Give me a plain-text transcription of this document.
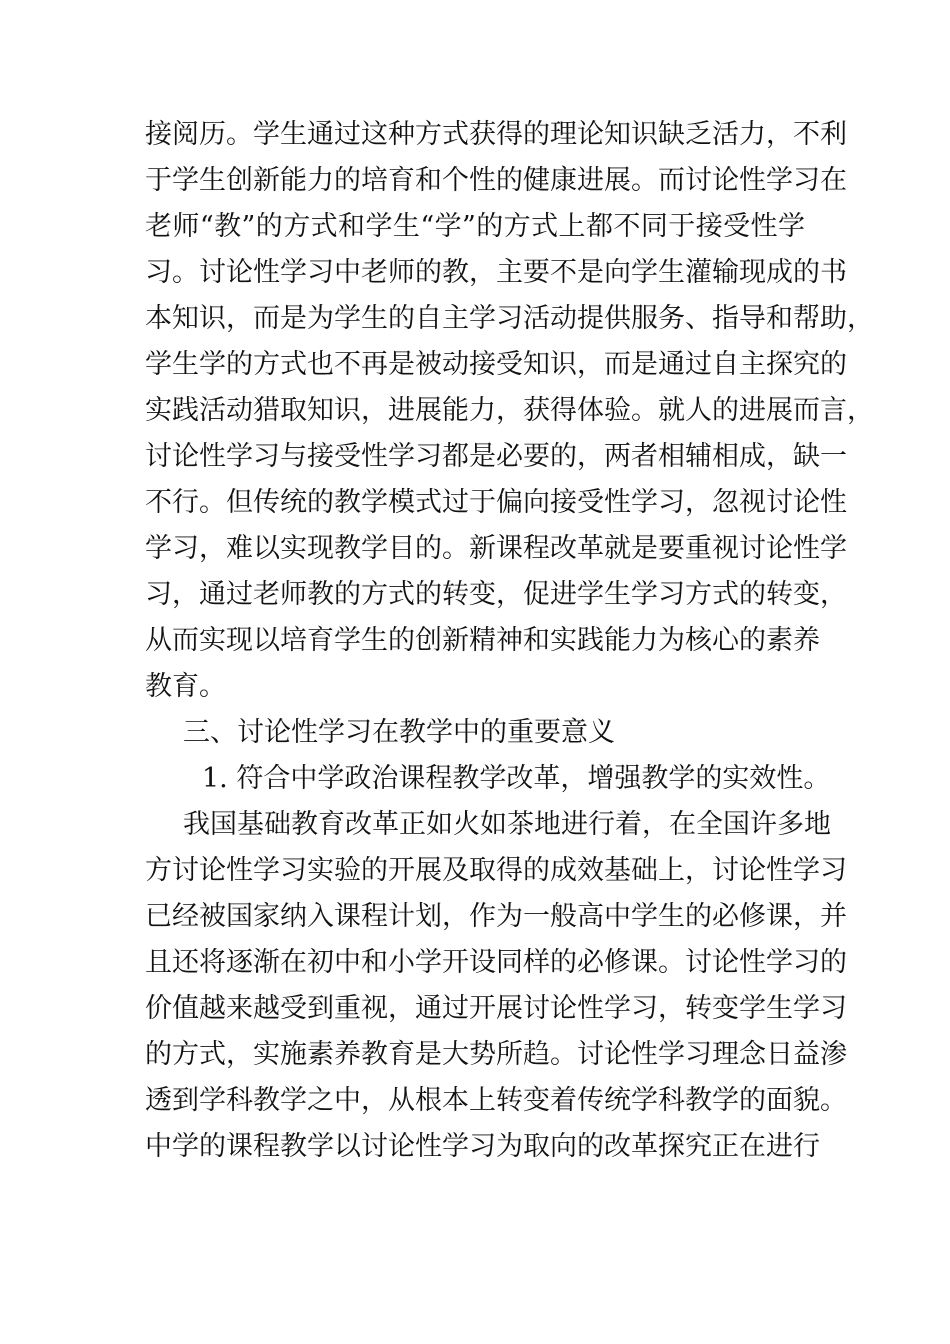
接阅历。学生通过这种方式获得的理论知识缺乏活力，不利
于学生创新能力的培育和个性的健康进展。而讨论性学习在
老师“教”的方式和学生“学”的方式上都不同于接受性学
习。讨论性学习中老师的教，主要不是向学生灌输现成的书
本知识，而是为学生的自主学习活动提供服务、指导和帮助，
学生学的方式也不再是被动接受知识，而是通过自主探究的
实践活动猎取知识，进展能力，获得体验。就人的进展而言，
讨论性学习与接受性学习都是必要的，两者相辅相成，缺一
不行。但传统的教学模式过于偏向接受性学习，忽视讨论性
学习，难以实现教学目的。新课程改革就是要重视讨论性学
习，通过老师教的方式的转变，促进学生学习方式的转变，
从而实现以培育学生的创新精神和实践能力为核心的素养
教育。
三、讨论性学习在教学中的重要意义
1. 符合中学政治课程教学改革，增强教学的实效性。
我国基础教育改革正如火如茶地进行着，在全国许多地
方讨论性学习实验的开展及取得的成效基础上，讨论性学习
已经被国家纳入课程计划，作为一般高中学生的必修课，并
且还将逐渐在初中和小学开设同样的必修课。讨论性学习的
价值越来越受到重视，通过开展讨论性学习，转变学生学习
的方式，实施素养教育是大势所趋。讨论性学习理念日益渗
透到学科教学之中，从根本上转变着传统学科教学的面貌。
中学的课程教学以讨论性学习为取向的改革探究正在进行
